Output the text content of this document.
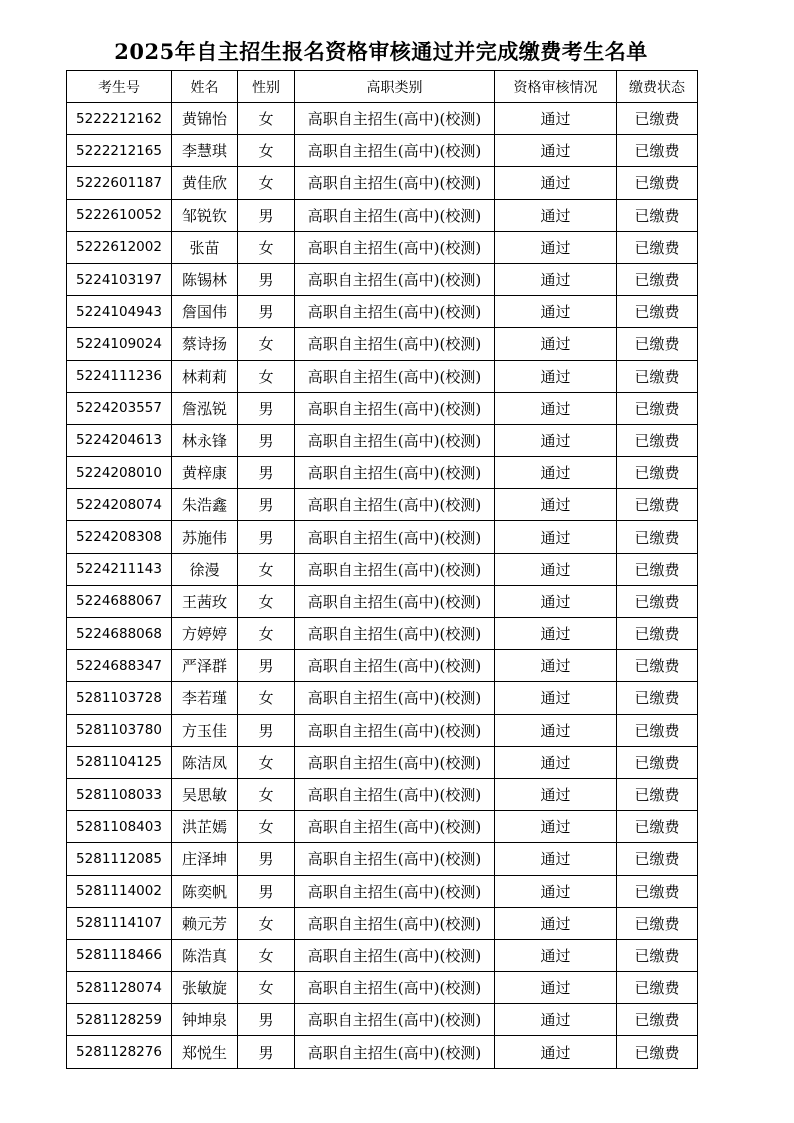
2025年自主招生报名资格审核通过并完成缴费考生名单
考生号	姓名	性别	高职类别	资格审核情况	缴费状态
5222212162	黄锦怡	女	高职自主招生(高中)(校测)	通过	已缴费
5222212165	李慧琪	女	高职自主招生(高中)(校测)	通过	已缴费
5222601187	黄佳欣	女	高职自主招生(高中)(校测)	通过	已缴费
5222610052	邹锐钦	男	高职自主招生(高中)(校测)	通过	已缴费
5222612002	张苗	女	高职自主招生(高中)(校测)	通过	已缴费
5224103197	陈锡林	男	高职自主招生(高中)(校测)	通过	已缴费
5224104943	詹国伟	男	高职自主招生(高中)(校测)	通过	已缴费
5224109024	蔡诗扬	女	高职自主招生(高中)(校测)	通过	已缴费
5224111236	林莉莉	女	高职自主招生(高中)(校测)	通过	已缴费
5224203557	詹泓锐	男	高职自主招生(高中)(校测)	通过	已缴费
5224204613	林永锋	男	高职自主招生(高中)(校测)	通过	已缴费
5224208010	黄梓康	男	高职自主招生(高中)(校测)	通过	已缴费
5224208074	朱浩鑫	男	高职自主招生(高中)(校测)	通过	已缴费
5224208308	苏施伟	男	高职自主招生(高中)(校测)	通过	已缴费
5224211143	徐漫	女	高职自主招生(高中)(校测)	通过	已缴费
5224688067	王茜玫	女	高职自主招生(高中)(校测)	通过	已缴费
5224688068	方婷婷	女	高职自主招生(高中)(校测)	通过	已缴费
5224688347	严泽群	男	高职自主招生(高中)(校测)	通过	已缴费
5281103728	李若瑾	女	高职自主招生(高中)(校测)	通过	已缴费
5281103780	方玉佳	男	高职自主招生(高中)(校测)	通过	已缴费
5281104125	陈洁凤	女	高职自主招生(高中)(校测)	通过	已缴费
5281108033	吴思敏	女	高职自主招生(高中)(校测)	通过	已缴费
5281108403	洪芷嫣	女	高职自主招生(高中)(校测)	通过	已缴费
5281112085	庄泽坤	男	高职自主招生(高中)(校测)	通过	已缴费
5281114002	陈奕帆	男	高职自主招生(高中)(校测)	通过	已缴费
5281114107	赖元芳	女	高职自主招生(高中)(校测)	通过	已缴费
5281118466	陈浩真	女	高职自主招生(高中)(校测)	通过	已缴费
5281128074	张敏旋	女	高职自主招生(高中)(校测)	通过	已缴费
5281128259	钟坤泉	男	高职自主招生(高中)(校测)	通过	已缴费
5281128276	郑悦生	男	高职自主招生(高中)(校测)	通过	已缴费
